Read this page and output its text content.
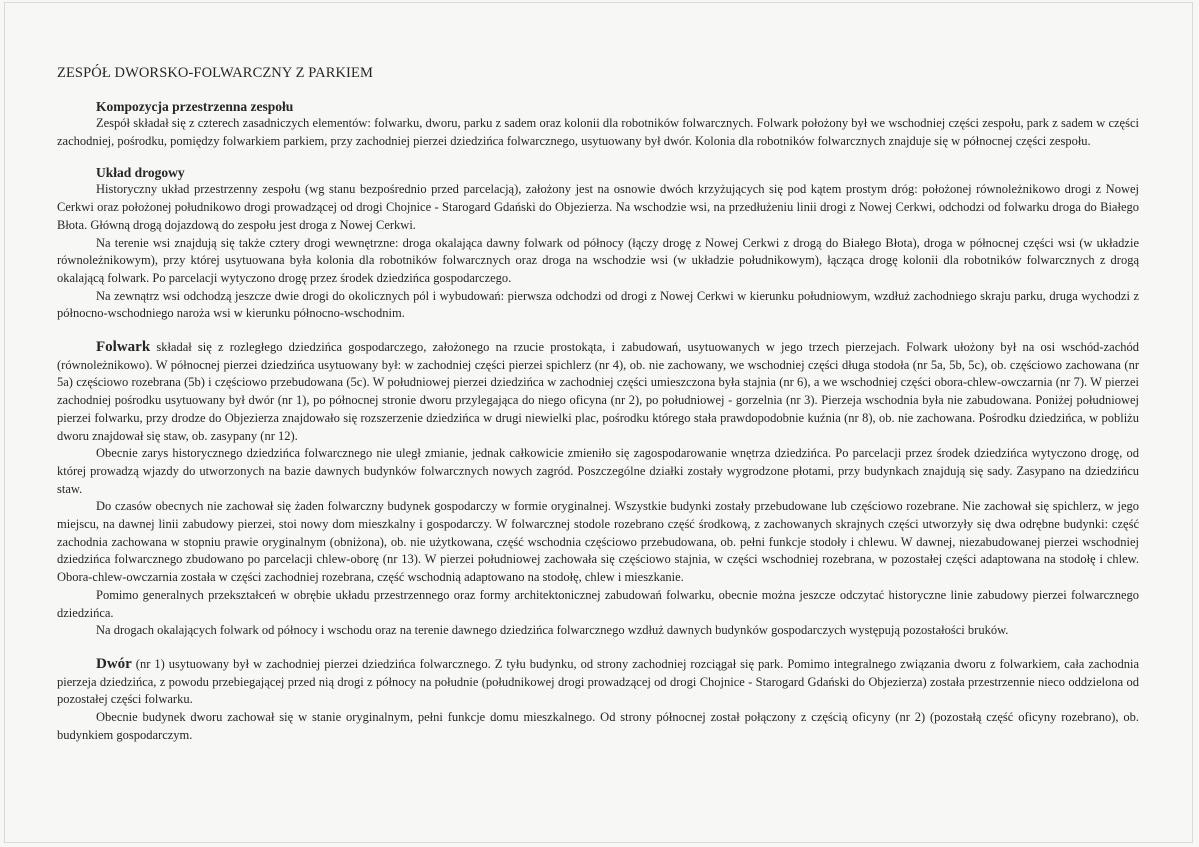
ZESPÓŁ DWORSKO-FOLWARCZNY Z PARKIEM
Kompozycja przestrzenna zespołu

Zespół składał się z czterech zasadniczych elementów: folwarku, dworu, parku z sadem oraz kolonii dla robotników folwarcznych. Folwark położony był we wschodniej części zespołu, park z sadem w części zachodniej, pośrodku, pomiędzy folwarkiem parkiem, przy zachodniej pierzei dziedzińca folwarcznego, usytuowany był dwór. Kolonia dla robotników folwarcznych znajduje się w północnej części zespołu.

Układ drogowy

Historyczny układ przestrzenny zespołu (wg stanu bezpośrednio przed parcelacją), założony jest na osnowie dwóch krzyżujących się pod kątem prostym dróg: położonej równoleżnikowo drogi z Nowej Cerkwi oraz położonej południkowo drogi prowadzącej od drogi Chojnice - Starogard Gdański do Objezierza. Na wschodzie wsi, na przedłużeniu linii drogi z Nowej Cerkwi, odchodzi od folwarku droga do Białego Błota. Główną drogą dojazdową do zespołu jest droga z Nowej Cerkwi.

Na terenie wsi znajdują się także cztery drogi wewnętrzne: droga okalająca dawny folwark od północy (łączy drogę z Nowej Cerkwi z drogą do Białego Błota), droga w północnej części wsi (w układzie równoleżnikowym), przy której usytuowana była kolonia dla robotników folwarcznych oraz droga na wschodzie wsi (w układzie południkowym), łącząca drogę kolonii dla robotników folwarcznych z drogą okalającą folwark. Po parcelacji wytyczono drogę przez środek dziedzińca gospodarczego.

Na zewnątrz wsi odchodzą jeszcze dwie drogi do okolicznych pól i wybudowań: pierwsza odchodzi od drogi z Nowej Cerkwi w kierunku południowym, wzdłuż zachodniego skraju parku, druga wychodzi z północno-wschodniego naroża wsi w kierunku północno-wschodnim.

Folwark składał się z rozległego dziedzińca gospodarczego, założonego na rzucie prostokąta, i zabudowań, usytuowanych w jego trzech pierzejach. Folwark ułożony był na osi wschód-zachód (równoleżnikowo). W północnej pierzei dziedzińca usytuowany był: w zachodniej części pierzei spichlerz (nr 4), ob. nie zachowany, we wschodniej części długa stodoła (nr 5a, 5b, 5c), ob. częściowo zachowana (nr 5a) częściowo rozebrana (5b) i częściowo przebudowana (5c). W południowej pierzei dziedzińca w zachodniej części umieszczona była stajnia (nr 6), a we wschodniej części obora-chlew-owczarnia (nr 7). W pierzei zachodniej pośrodku usytuowany był dwór (nr 1), po północnej stronie dworu przylegająca do niego oficyna (nr 2), po południowej - gorzelnia (nr 3). Pierzeja wschodnia była nie zabudowana. Poniżej południowej pierzei folwarku, przy drodze do Objezierza znajdowało się rozszerzenie dziedzińca w drugi niewielki plac, pośrodku którego stała prawdopodobnie kuźnia (nr 8), ob. nie zachowana. Pośrodku dziedzińca, w pobliżu dworu znajdował się staw, ob. zasypany (nr 12).

Obecnie zarys historycznego dziedzińca folwarcznego nie uległ zmianie, jednak całkowicie zmieniło się zagospodarowanie wnętrza dziedzińca. Po parcelacji przez środek dziedzińca wytyczono drogę, od której prowadzą wjazdy do utworzonych na bazie dawnych budynków folwarcznych nowych zagród. Poszczególne działki zostały wygrodzone płotami, przy budynkach znajdują się sady. Zasypano na dziedzińcu staw.

Do czasów obecnych nie zachował się żaden folwarczny budynek gospodarczy w formie oryginalnej. Wszystkie budynki zostały przebudowane lub częściowo rozebrane. Nie zachował się spichlerz, w jego miejscu, na dawnej linii zabudowy pierzei, stoi nowy dom mieszkalny i gospodarczy. W folwarcznej stodole rozebrano część środkową, z zachowanych skrajnych części utworzyły się dwa odrębne budynki: część zachodnia zachowana w stopniu prawie oryginalnym (obniżona), ob. nie użytkowana, część wschodnia częściowo przebudowana, ob. pełni funkcje stodoły i chlewu. W dawnej, niezabudowanej pierzei wschodniej dziedzińca folwarcznego zbudowano po parcelacji chlew-oborę (nr 13). W pierzei południowej zachowała się częściowo stajnia, w części wschodniej rozebrana, w pozostałej części adaptowana na stodołę i chlew. Obora-chlew-owczarnia została w części zachodniej rozebrana, część wschodnią adaptowano na stodołę, chlew i mieszkanie.

Pomimo generalnych przekształceń w obrębie układu przestrzennego oraz formy architektonicznej zabudowań folwarku, obecnie można jeszcze odczytać historyczne linie zabudowy pierzei folwarcznego dziedzińca.

Na drogach okalających folwark od północy i wschodu oraz na terenie dawnego dziedzińca folwarcznego wzdłuż dawnych budynków gospodarczych występują pozostałości bruków.

Dwór (nr 1) usytuowany był w zachodniej pierzei dziedzińca folwarcznego. Z tyłu budynku, od strony zachodniej rozciągał się park. Pomimo integralnego związania dworu z folwarkiem, cała zachodnia pierzeja dziedzińca, z powodu przebiegającej przed nią drogi z północy na południe (południkowej drogi prowadzącej od drogi Chojnice - Starogard Gdański do Objezierza) została przestrzennie nieco oddzielona od pozostałej części folwarku.

Obecnie budynek dworu zachował się w stanie oryginalnym, pełni funkcje domu mieszkalnego. Od strony północnej został połączony z częścią oficyny (nr 2) (pozostałą część oficyny rozebrano), ob. budynkiem gospodarczym.
